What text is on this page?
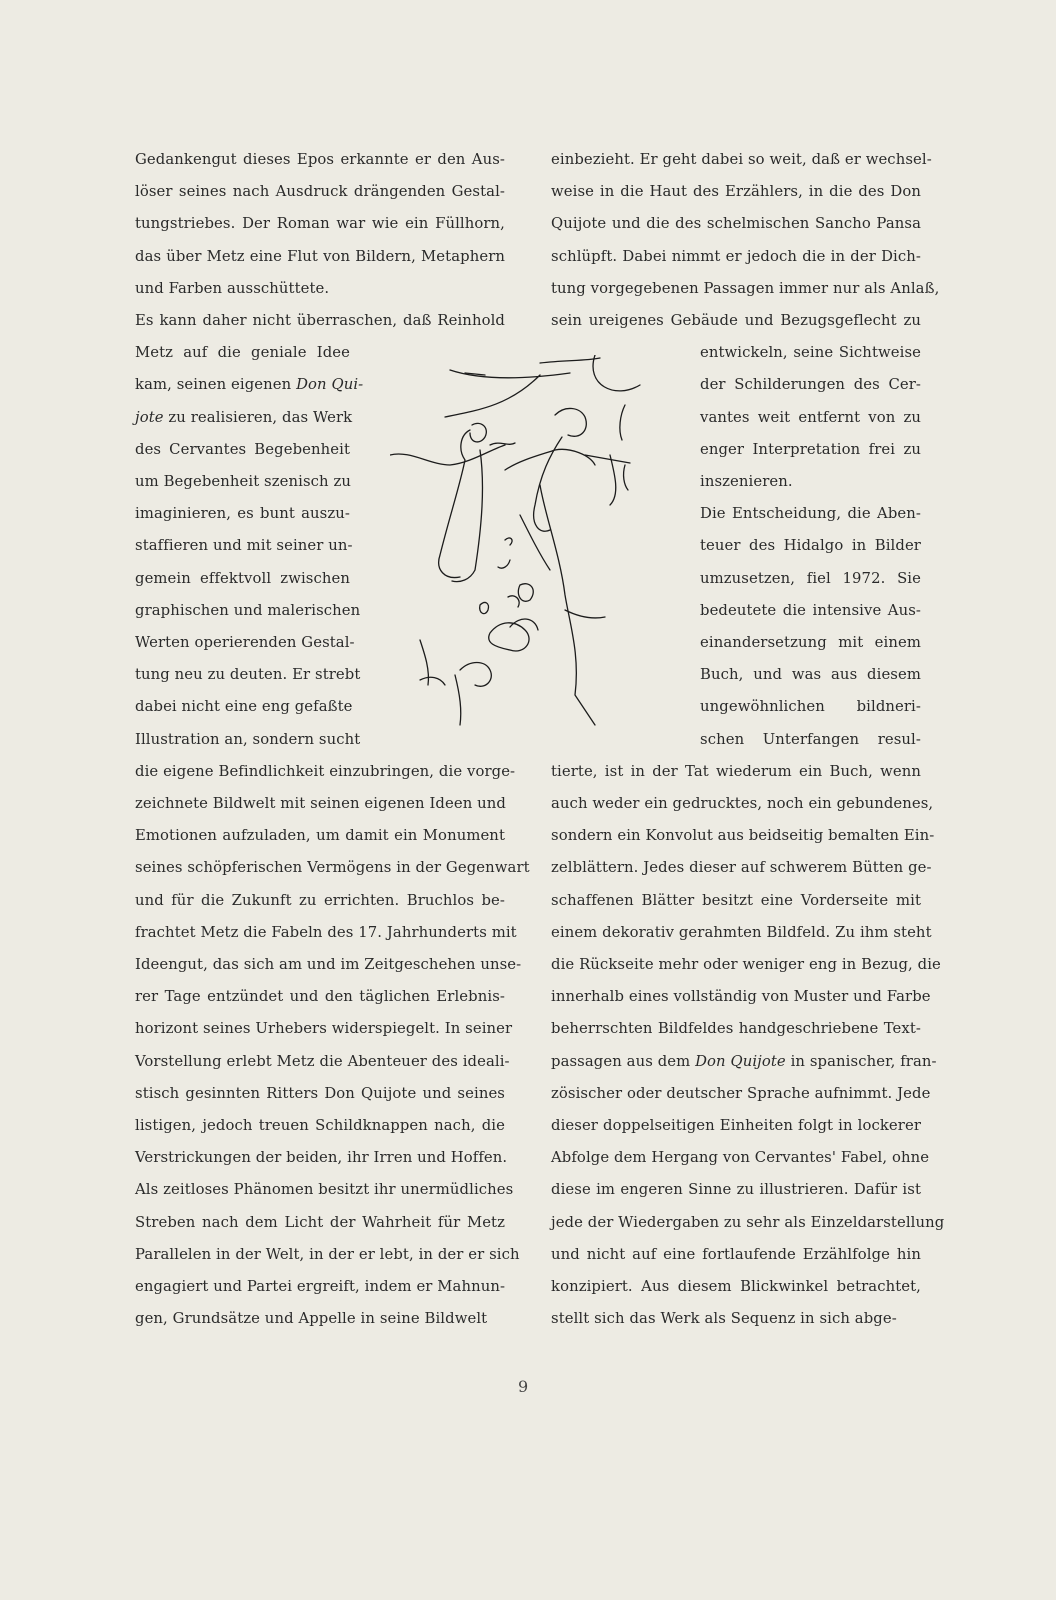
Gedankengut dieses Epos erkannte er den Aus-
löser seines nach Ausdruck drängenden Gestal-
tungstriebes. Der Roman war wie ein Füllhorn,
das über Metz eine Flut von Bildern, Metaphern
und Farben ausschüttete.
Es kann daher nicht überraschen, daß Reinhold
Metz auf die geniale Idee
kam, seinen eigenen Don Qui-
jote zu realisieren, das Werk
des Cervantes Begebenheit
um Begebenheit szenisch zu
imaginieren, es bunt auszu-
staffieren und mit seiner un-
gemein effektvoll zwischen
graphischen und malerischen
Werten operierenden Gestal-
tung neu zu deuten. Er strebt
dabei nicht eine eng gefaßte
Illustration an, sondern sucht
die eigene Befindlichkeit einzubringen, die vorge-
zeichnete Bildwelt mit seinen eigenen Ideen und
Emotionen aufzuladen, um damit ein Monument
seines schöpferischen Vermögens in der Gegenwart
und für die Zukunft zu errichten. Bruchlos be-
frachtet Metz die Fabeln des 17. Jahrhunderts mit
Ideengut, das sich am und im Zeitgeschehen unse-
rer Tage entzündet und den täglichen Erlebnis-
horizont seines Urhebers widerspiegelt. In seiner
Vorstellung erlebt Metz die Abenteuer des ideali-
stisch gesinnten Ritters Don Quijote und seines
listigen, jedoch treuen Schildknappen nach, die
Verstrickungen der beiden, ihr Irren und Hoffen.
Als zeitloses Phänomen besitzt ihr unermüdliches
Streben nach dem Licht der Wahrheit für Metz
Parallelen in der Welt, in der er lebt, in der er sich
engagiert und Partei ergreift, indem er Mahnun-
gen, Grundsätze und Appelle in seine Bildwelt
einbezieht. Er geht dabei so weit, daß er wechsel-
weise in die Haut des Erzählers, in die des Don
Quijote und die des schelmischen Sancho Pansa
schlüpft. Dabei nimmt er jedoch die in der Dich-
tung vorgegebenen Passagen immer nur als Anlaß,
sein ureigenes Gebäude und Bezugsgeflecht zu
entwickeln, seine Sichtweise
der Schilderungen des Cer-
vantes weit entfernt von zu
enger Interpretation frei zu
inszenieren.
Die Entscheidung, die Aben-
teuer des Hidalgo in Bilder
umzusetzen, fiel 1972. Sie
bedeutete die intensive Aus-
einandersetzung mit einem
Buch, und was aus diesem
ungewöhnlichen bildneri-
schen Unterfangen resul-
tierte, ist in der Tat wiederum ein Buch, wenn
auch weder ein gedrucktes, noch ein gebundenes,
sondern ein Konvolut aus beidseitig bemalten Ein-
zelblättern. Jedes dieser auf schwerem Bütten ge-
schaffenen Blätter besitzt eine Vorderseite mit
einem dekorativ gerahmten Bildfeld. Zu ihm steht
die Rückseite mehr oder weniger eng in Bezug, die
innerhalb eines vollständig von Muster und Farbe
beherrschten Bildfeldes handgeschriebene Text-
passagen aus dem Don Quijote in spanischer, fran-
zösischer oder deutscher Sprache aufnimmt. Jede
dieser doppelseitigen Einheiten folgt in lockerer
Abfolge dem Hergang von Cervantes' Fabel, ohne
diese im engeren Sinne zu illustrieren. Dafür ist
jede der Wiedergaben zu sehr als Einzeldarstellung
und nicht auf eine fortlaufende Erzählfolge hin
konzipiert. Aus diesem Blickwinkel betrachtet,
stellt sich das Werk als Sequenz in sich abge-
9
